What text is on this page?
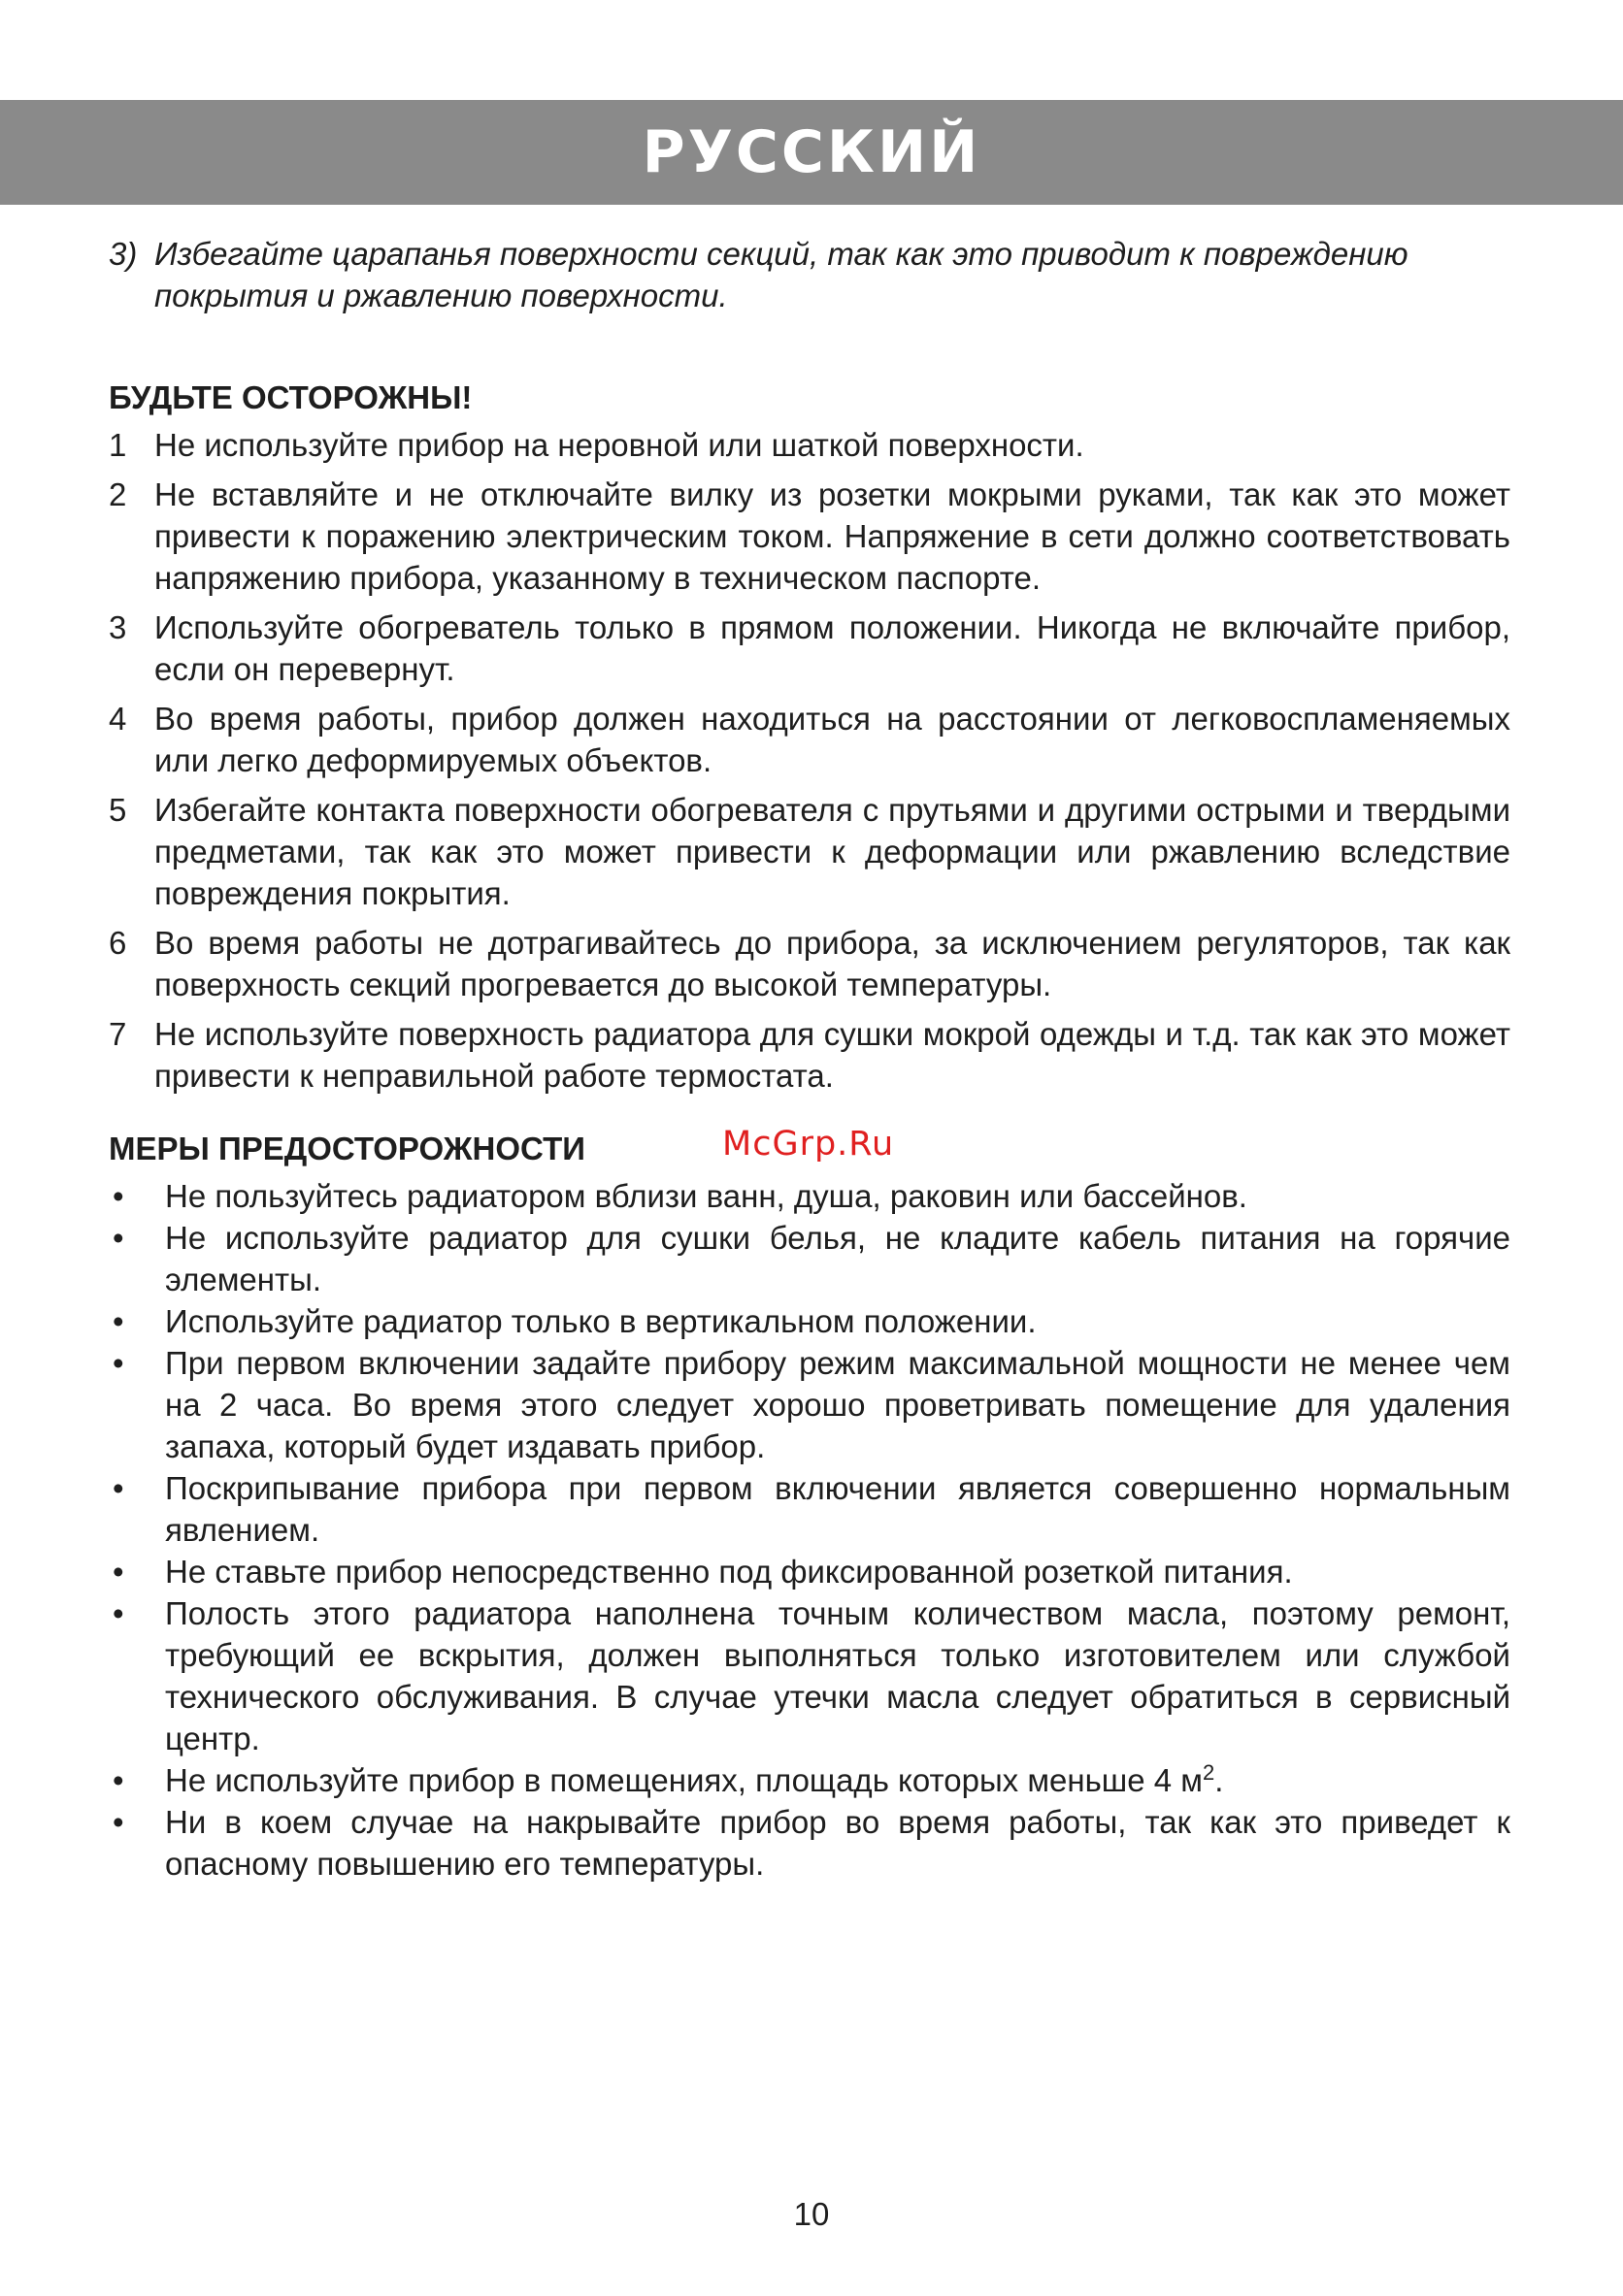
РУССКИЙ
3) Избегайте царапанья поверхности секций, так как это приводит к повреждению покрытия и ржавлению поверхности.
БУДЬТЕ ОСТОРОЖНЫ!
1 Не используйте прибор на неровной или шаткой поверхности.
2 Не вставляйте и не отключайте вилку из розетки мокрыми руками, так как это может привести к поражению электрическим током. Напряжение в сети должно соответствовать напряжению прибора, указанному в техническом паспорте.
3 Используйте обогреватель только в прямом положении. Никогда не включайте прибор, если он перевернут.
4 Во время работы, прибор должен находиться на расстоянии от легковоспламеняемых или легко деформируемых объектов.
5 Избегайте контакта поверхности обогревателя с прутьями и другими острыми и твердыми предметами, так как это может привести к деформации или ржавлению вследствие повреждения покрытия.
6 Во время работы не дотрагивайтесь до прибора, за исключением регуляторов, так как поверхность секций прогревается до высокой температуры.
7 Не используйте поверхность радиатора для сушки мокрой одежды и т.д. так как это может привести к неправильной работе термостата.
McGrp.Ru
МЕРЫ ПРЕДОСТОРОЖНОСТИ
•	Не пользуйтесь радиатором вблизи ванн, душа, раковин или бассейнов.
•	Не используйте радиатор для сушки белья, не кладите кабель питания на горячие элементы.
•	Используйте радиатор только в вертикальном положении.
•	При первом включении задайте прибору режим максимальной мощности не менее чем на 2 часа. Во время этого следует хорошо проветривать помещение для удаления запаха, который будет издавать прибор.
•	Поскрипывание прибора при первом включении является совершенно нормальным явлением.
•	Не ставьте прибор непосредственно под фиксированной розеткой питания.
•	Полость этого радиатора наполнена точным количеством масла, поэтому ремонт, требующий ее вскрытия, должен выполняться только изготовителем или службой технического обслуживания. В случае утечки масла следует обратиться в сервисный центр.
•	Не используйте прибор в помещениях, площадь которых меньше 4 $м^2$.
•	Ни в коем случае на накрывайте прибор во время работы, так как это приведет к опасному повышению его температуры.
10
